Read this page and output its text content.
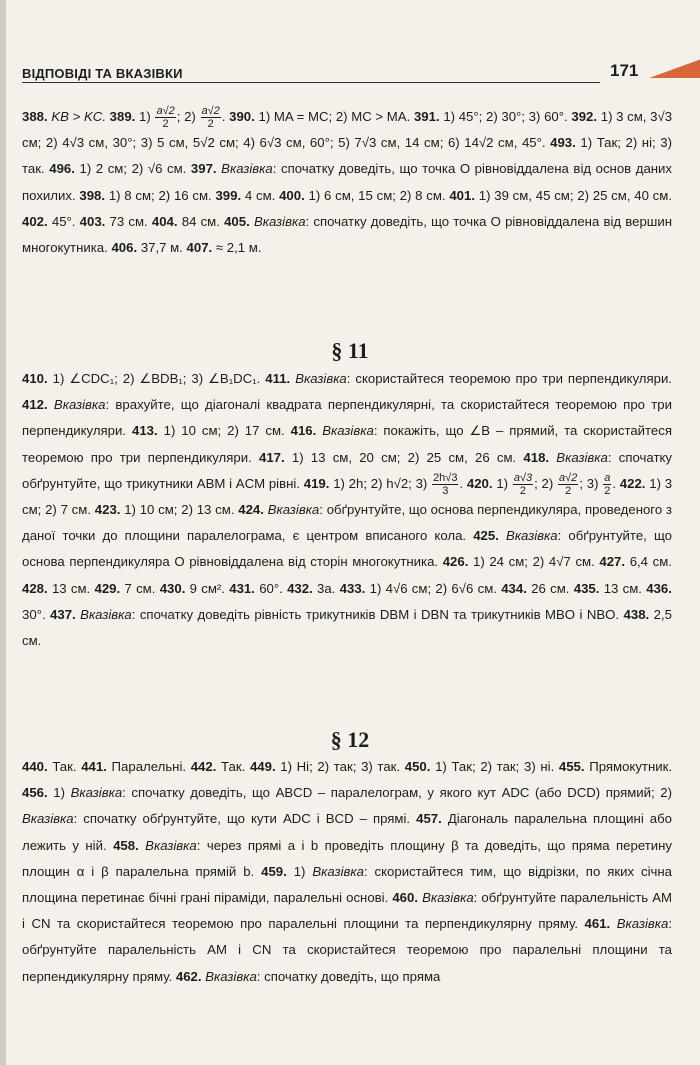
ВІДПОВІДІ ТА ВКАЗІВКИ	171

388. KB > KC. 389. $1) \frac{a√2}{2}$ ; $2) \frac{a√2}{2}$ . 390. 1) MA = MC; 2) MC > MA. 391. 1) 45°; 2) 30°; 3) 60°. 392. 1) 3 см, 3√3 см; 2) 4√3 см, 30°; 3) 5 см, 5√2 см; 4) 6√3 см, 60°; 5) 7√3 см, 14 см; 6) 14√2 см, 45°. 493. 1) Так; 2) ні; 3) так. 496. 1) 2 см; 2) √6 см. 397. Вказівка: спочатку доведіть, що точка O рівновіддалена від основ даних похилих. 398. 1) 8 см; 2) 16 см. 399. 4 см. 400. 1) 6 см, 15 см; 2) 8 см. 401. 1) 39 см, 45 см; 2) 25 см, 40 см. 402. 45°. 403. 73 см. 404. 84 см. 405. Вказівка: спочатку доведіть, що точка O рівновіддалена від вершин многокутника. 406. 37,7 м. 407. ≈ 2,1 м.

§ 11

410. 1) ∠CDC₁; 2) ∠BDB₁; 3) ∠B₁DC₁. 411. Вказівка: скористайтеся теоремою про три перпендикуляри. 412. Вказівка: врахуйте, що діагоналі квадрата перпендикулярні, та скористайтеся теоремою про три перпендикуляри. 413. 1) 10 см; 2) 17 см. 416. Вказівка: покажіть, що ∠B – прямий, та скористайтеся теоремою про три перпендикуляри. 417. 1) 13 см, 20 см; 2) 25 см, 26 см. 418. Вказівка: спочатку обґрунтуйте, що трикутники ABM і ACM рівні. 419. 1) 2h; 2) h√2; $3) \frac{2h√3}{3}$ . 420. $1) \frac{a√3}{2}$ ; $2) \frac{a√2}{2}$ ; $3) \frac{a}{2}$ . 422. 1) 3 см; 2) 7 см. 423. 1) 10 см; 2) 13 см. 424. Вказівка: обґрунтуйте, що основа перпендикуляра, проведеного з даної точки до площини паралелограма, є центром вписаного кола. 425. Вказівка: обґрунтуйте, що основа перпендикуляра O рівновіддалена від сторін многокутника. 426. 1) 24 см; 2) 4√7 см. 427. 6,4 см. 428. 13 см. 429. 7 см. 430. 9 см². 431. 60°. 432. 3a. 433. 1) 4√6 см; 2) 6√6 см. 434. 26 см. 435. 13 см. 436. 30°. 437. Вказівка: спочатку доведіть рівність трикутників DBM і DBN та трикутників MBO і NBO. 438. 2,5 см.

§ 12

440. Так. 441. Паралельні. 442. Так. 449. 1) Ні; 2) так; 3) так. 450. 1) Так; 2) так; 3) ні. 455. Прямокутник. 456. 1) Вказівка: спочатку доведіть, що ABCD – паралелограм, у якого кут ADC (або DCD) прямий; 2) Вказівка: спочатку обґрунтуйте, що кути ADC і BCD – прямі. 457. Діагональ паралельна площині або лежить у ній. 458. Вказівка: через прямі a і b проведіть площину β та доведіть, що пряма перетину площин α і β паралельна прямій b. 459. 1) Вказівка: скористайтеся тим, що відрізки, по яких січна площина перетинає бічні грані піраміди, паралельні основі. 460. Вказівка: обґрунтуйте паралельність AM і CN та скористайтеся теоремою про паралельні площини та перпендикулярну пряму. 461. Вказівка: обґрунтуйте паралельність AM і CN та скористайтеся теоремою про паралельні площини та перпендикулярну пряму. 462. Вказівка: спочатку доведіть, що пряма
